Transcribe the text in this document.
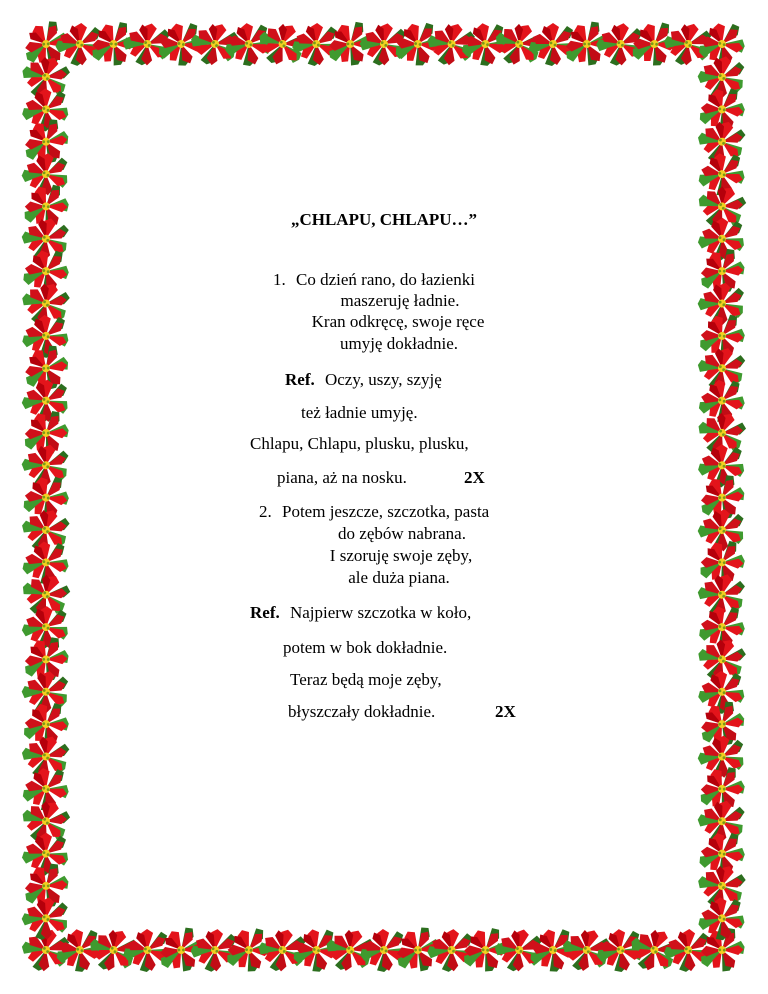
„CHLAPU, CHLAPU…”
1. Co dzień rano, do łazienki
maszeruję ładnie.
Kran odkręcę, swoje ręce
umyję dokładnie.
Ref. Oczy, uszy, szyję
też ładnie umyję.
Chlapu, Chlapu, plusku, plusku,
piana, aż na nosku.	2X
2. Potem jeszcze, szczotka, pasta
do zębów nabrana.
I szoruję swoje zęby,
ale duża piana.
Ref. Najpierw szczotka w koło,
potem w bok dokładnie.
Teraz będą moje zęby,
błyszczały dokładnie.	2X
